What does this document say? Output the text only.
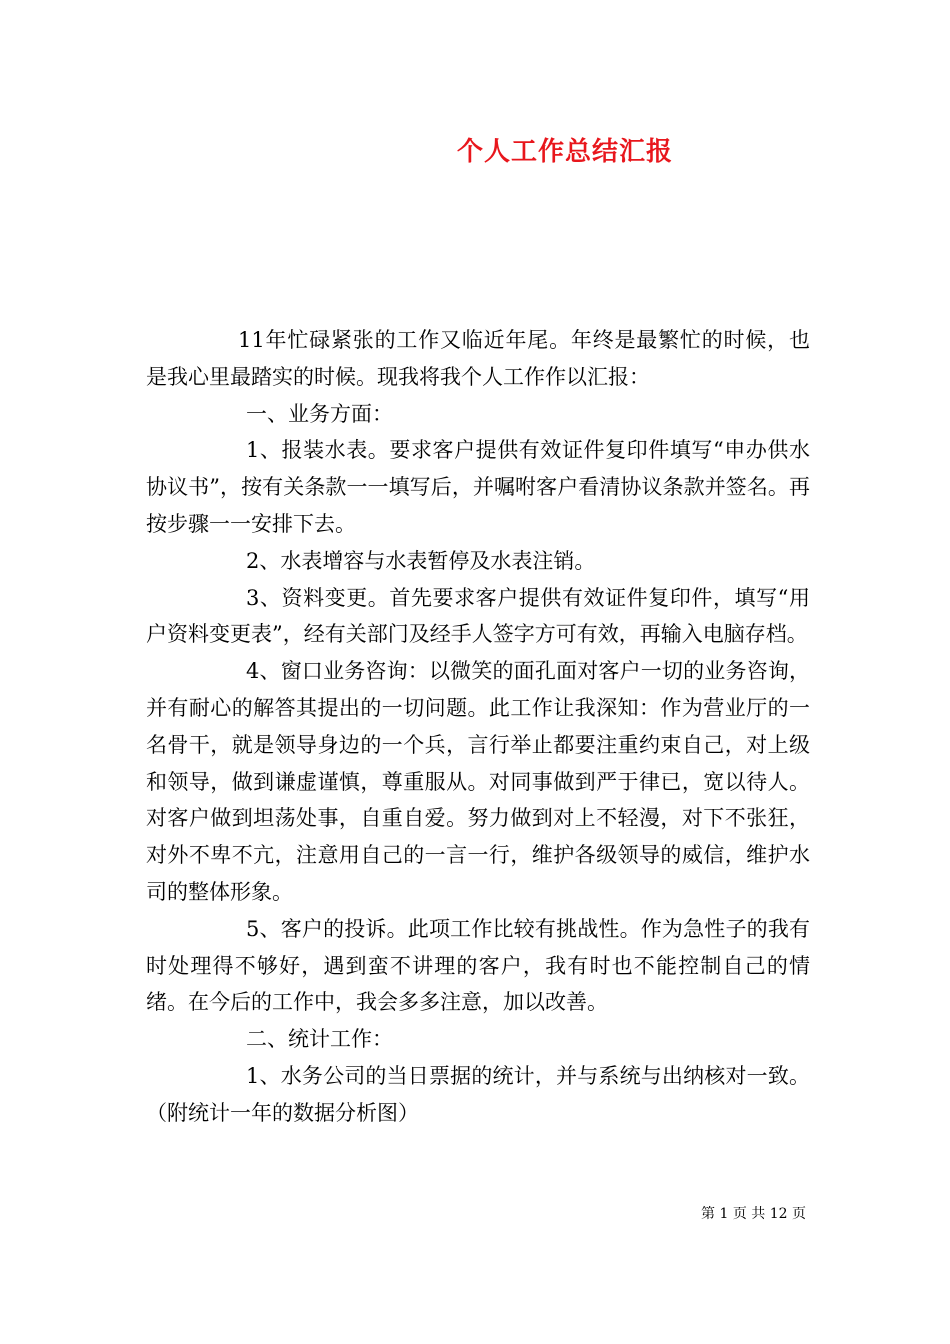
个人工作总结汇报

11年忙碌紧张的工作又临近年尾。年终是最繁忙的时候，也是我心里最踏实的时候。现我将我个人工作作以汇报：

一、业务方面：

1、报装水表。要求客户提供有效证件复印件填写“申办供水协议书”，按有关条款一一填写后，并嘱咐客户看清协议条款并签名。再按步骤一一安排下去。

2、水表增容与水表暂停及水表注销。

3、资料变更。首先要求客户提供有效证件复印件，填写“用户资料变更表”，经有关部门及经手人签字方可有效，再输入电脑存档。

4、窗口业务咨询：以微笑的面孔面对客户一切的业务咨询，并有耐心的解答其提出的一切问题。此工作让我深知：作为营业厅的一名骨干，就是领导身边的一个兵，言行举止都要注重约束自己，对上级和领导，做到谦虚谨慎，尊重服从。对同事做到严于律已，宽以待人。对客户做到坦荡处事，自重自爱。努力做到对上不轻漫，对下不张狂，对外不卑不亢，注意用自己的一言一行，维护各级领导的威信，维护水司的整体形象。

5、客户的投诉。此项工作比较有挑战性。作为急性子的我有时处理得不够好，遇到蛮不讲理的客户，我有时也不能控制自己的情绪。在今后的工作中，我会多多注意，加以改善。

二、统计工作：

1、水务公司的当日票据的统计，并与系统与出纳核对一致。（附统计一年的数据分析图）

第 1 页 共 12 页
